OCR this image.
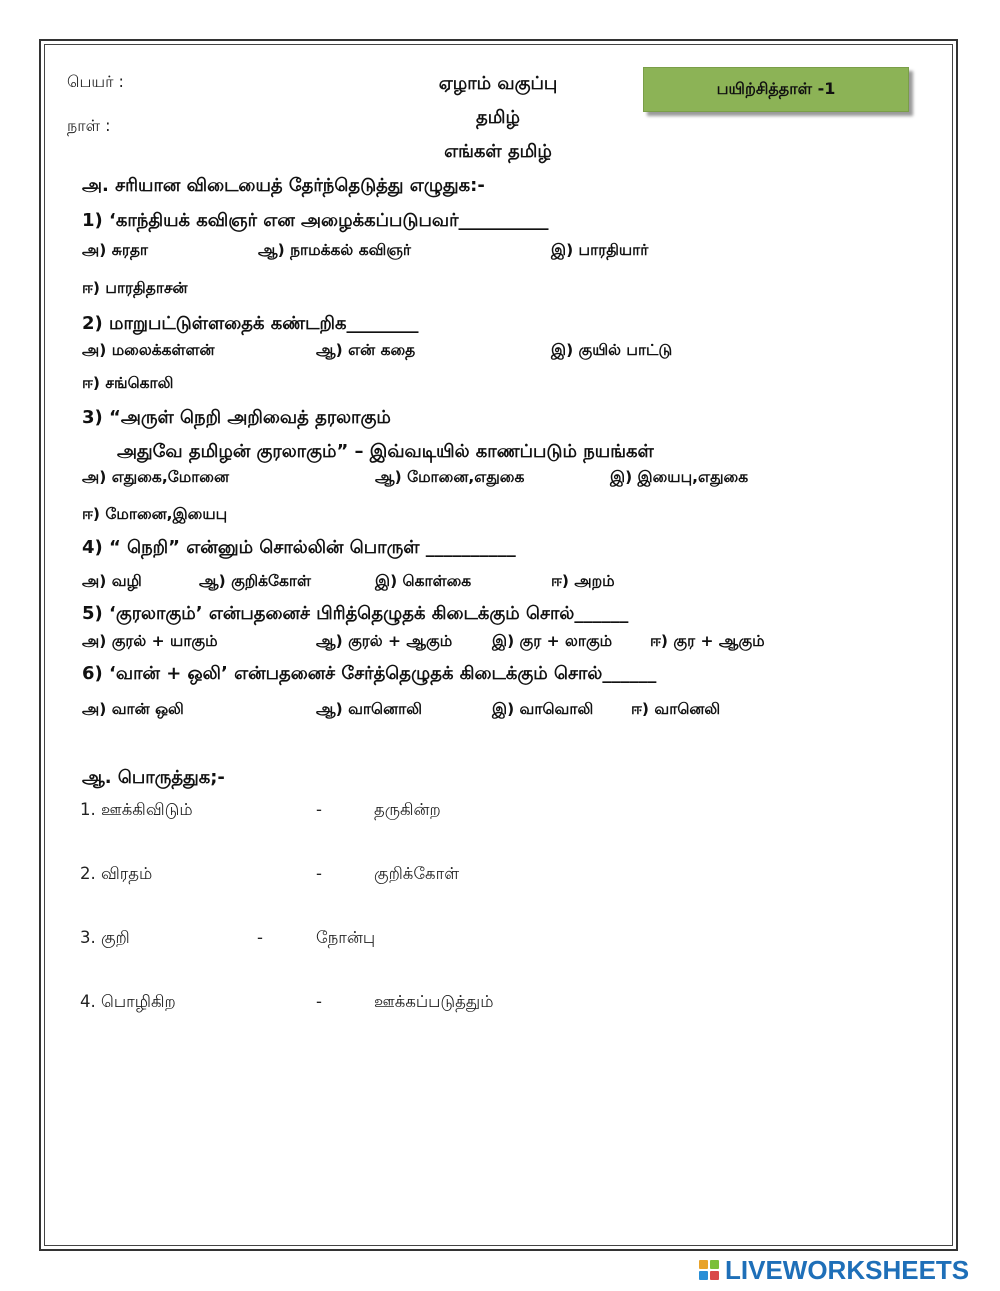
பெயர் :
நாள் :
ஏழாம் வகுப்பு
தமிழ்
எங்கள் தமிழ்
பயிற்சித்தாள் -1
அ. சரியான விடையைத் தேர்ந்தெடுத்து எழுதுக:-
1) ‘காந்தியக் கவிஞர் என அழைக்கப்படுபவர்__________
அ) சுரதா	ஆ) நாமக்கல் கவிஞர்	இ) பாரதியார்
ஈ) பாரதிதாசன்
2) மாறுபட்டுள்ளதைக் கண்டறிக________
அ) மலைக்கள்ளன்	ஆ) என் கதை	இ) குயில் பாட்டு
ஈ) சங்கொலி
3) “அருள் நெறி அறிவைத் தரலாகும்
அதுவே தமிழன் குரலாகும்” – இவ்வடியில் காணப்படும் நயங்கள்
அ) எதுகை,மோனை	ஆ) மோனை,எதுகை	இ) இயைபு,எதுகை
ஈ) மோனை,இயைபு
4) “ நெறி” என்னும் சொல்லின் பொருள் __________
அ) வழி	ஆ) குறிக்கோள்	இ) கொள்கை	ஈ) அறம்
5) ‘குரலாகும்’ என்பதனைச் பிரித்தெழுதக் கிடைக்கும் சொல்______
அ) குரல் + யாகும்	ஆ) குரல் + ஆகும்	இ) குர + லாகும் ஈ) குர + ஆகும்
6) ‘வான் + ஒலி’ என்பதனைச் சேர்த்தெழுதக் கிடைக்கும் சொல்______
அ) வான் ஒலி	ஆ) வானொலி	இ) வாவொலி ஈ) வானெலி
ஆ. பொருத்துக;-
1. ஊக்கிவிடும்	-	தருகின்ற
2. விரதம்	-	குறிக்கோள்
3. குறி	-	நோன்பு
4. பொழிகிற	-	ஊக்கப்படுத்தும்
LIVEWORKSHEETS
